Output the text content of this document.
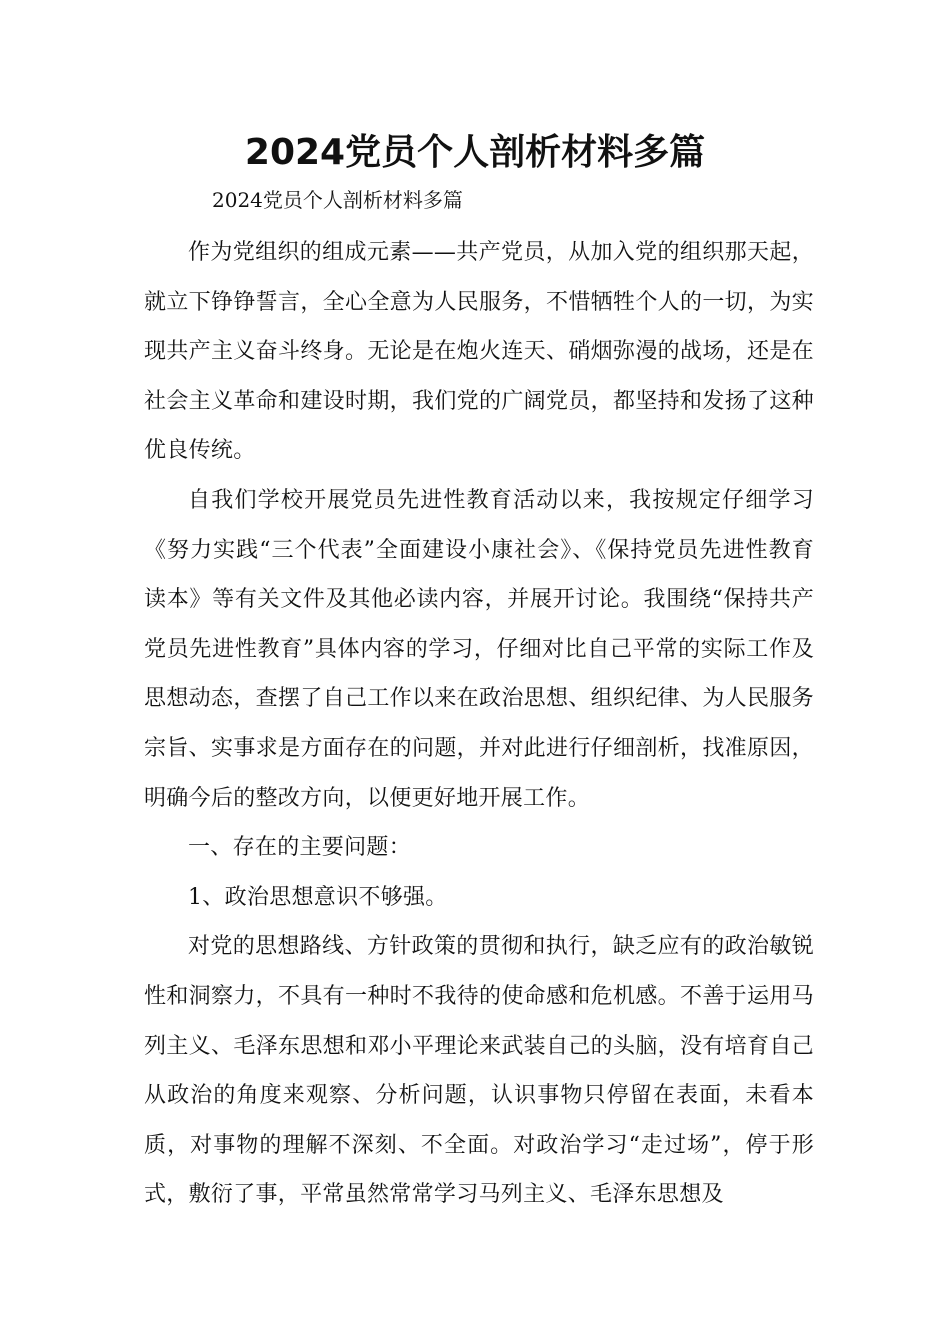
2024党员个人剖析材料多篇

2024党员个人剖析材料多篇

作为党组织的组成元素——共产党员，从加入党的组织那天起，就立下铮铮誓言，全心全意为人民服务，不惜牺牲个人的一切，为实现共产主义奋斗终身。无论是在炮火连天、硝烟弥漫的战场，还是在社会主义革命和建设时期，我们党的广阔党员，都坚持和发扬了这种优良传统。

自我们学校开展党员先进性教育活动以来，我按规定仔细学习《努力实践“三个代表”全面建设小康社会》、《保持党员先进性教育读本》等有关文件及其他必读内容，并展开讨论。我围绕“保持共产党员先进性教育”具体内容的学习，仔细对比自己平常的实际工作及思想动态，查摆了自己工作以来在政治思想、组织纪律、为人民服务宗旨、实事求是方面存在的问题，并对此进行仔细剖析，找准原因，明确今后的整改方向，以便更好地开展工作。

一、存在的主要问题：

1、政治思想意识不够强。

对党的思想路线、方针政策的贯彻和执行，缺乏应有的政治敏锐性和洞察力，不具有一种时不我待的使命感和危机感。不善于运用马列主义、毛泽东思想和邓小平理论来武装自己的头脑，没有培育自己从政治的角度来观察、分析问题，认识事物只停留在表面，未看本质，对事物的理解不深刻、不全面。对政治学习“走过场”，停于形式，敷衍了事，平常虽然常常学习马列主义、毛泽东思想及
